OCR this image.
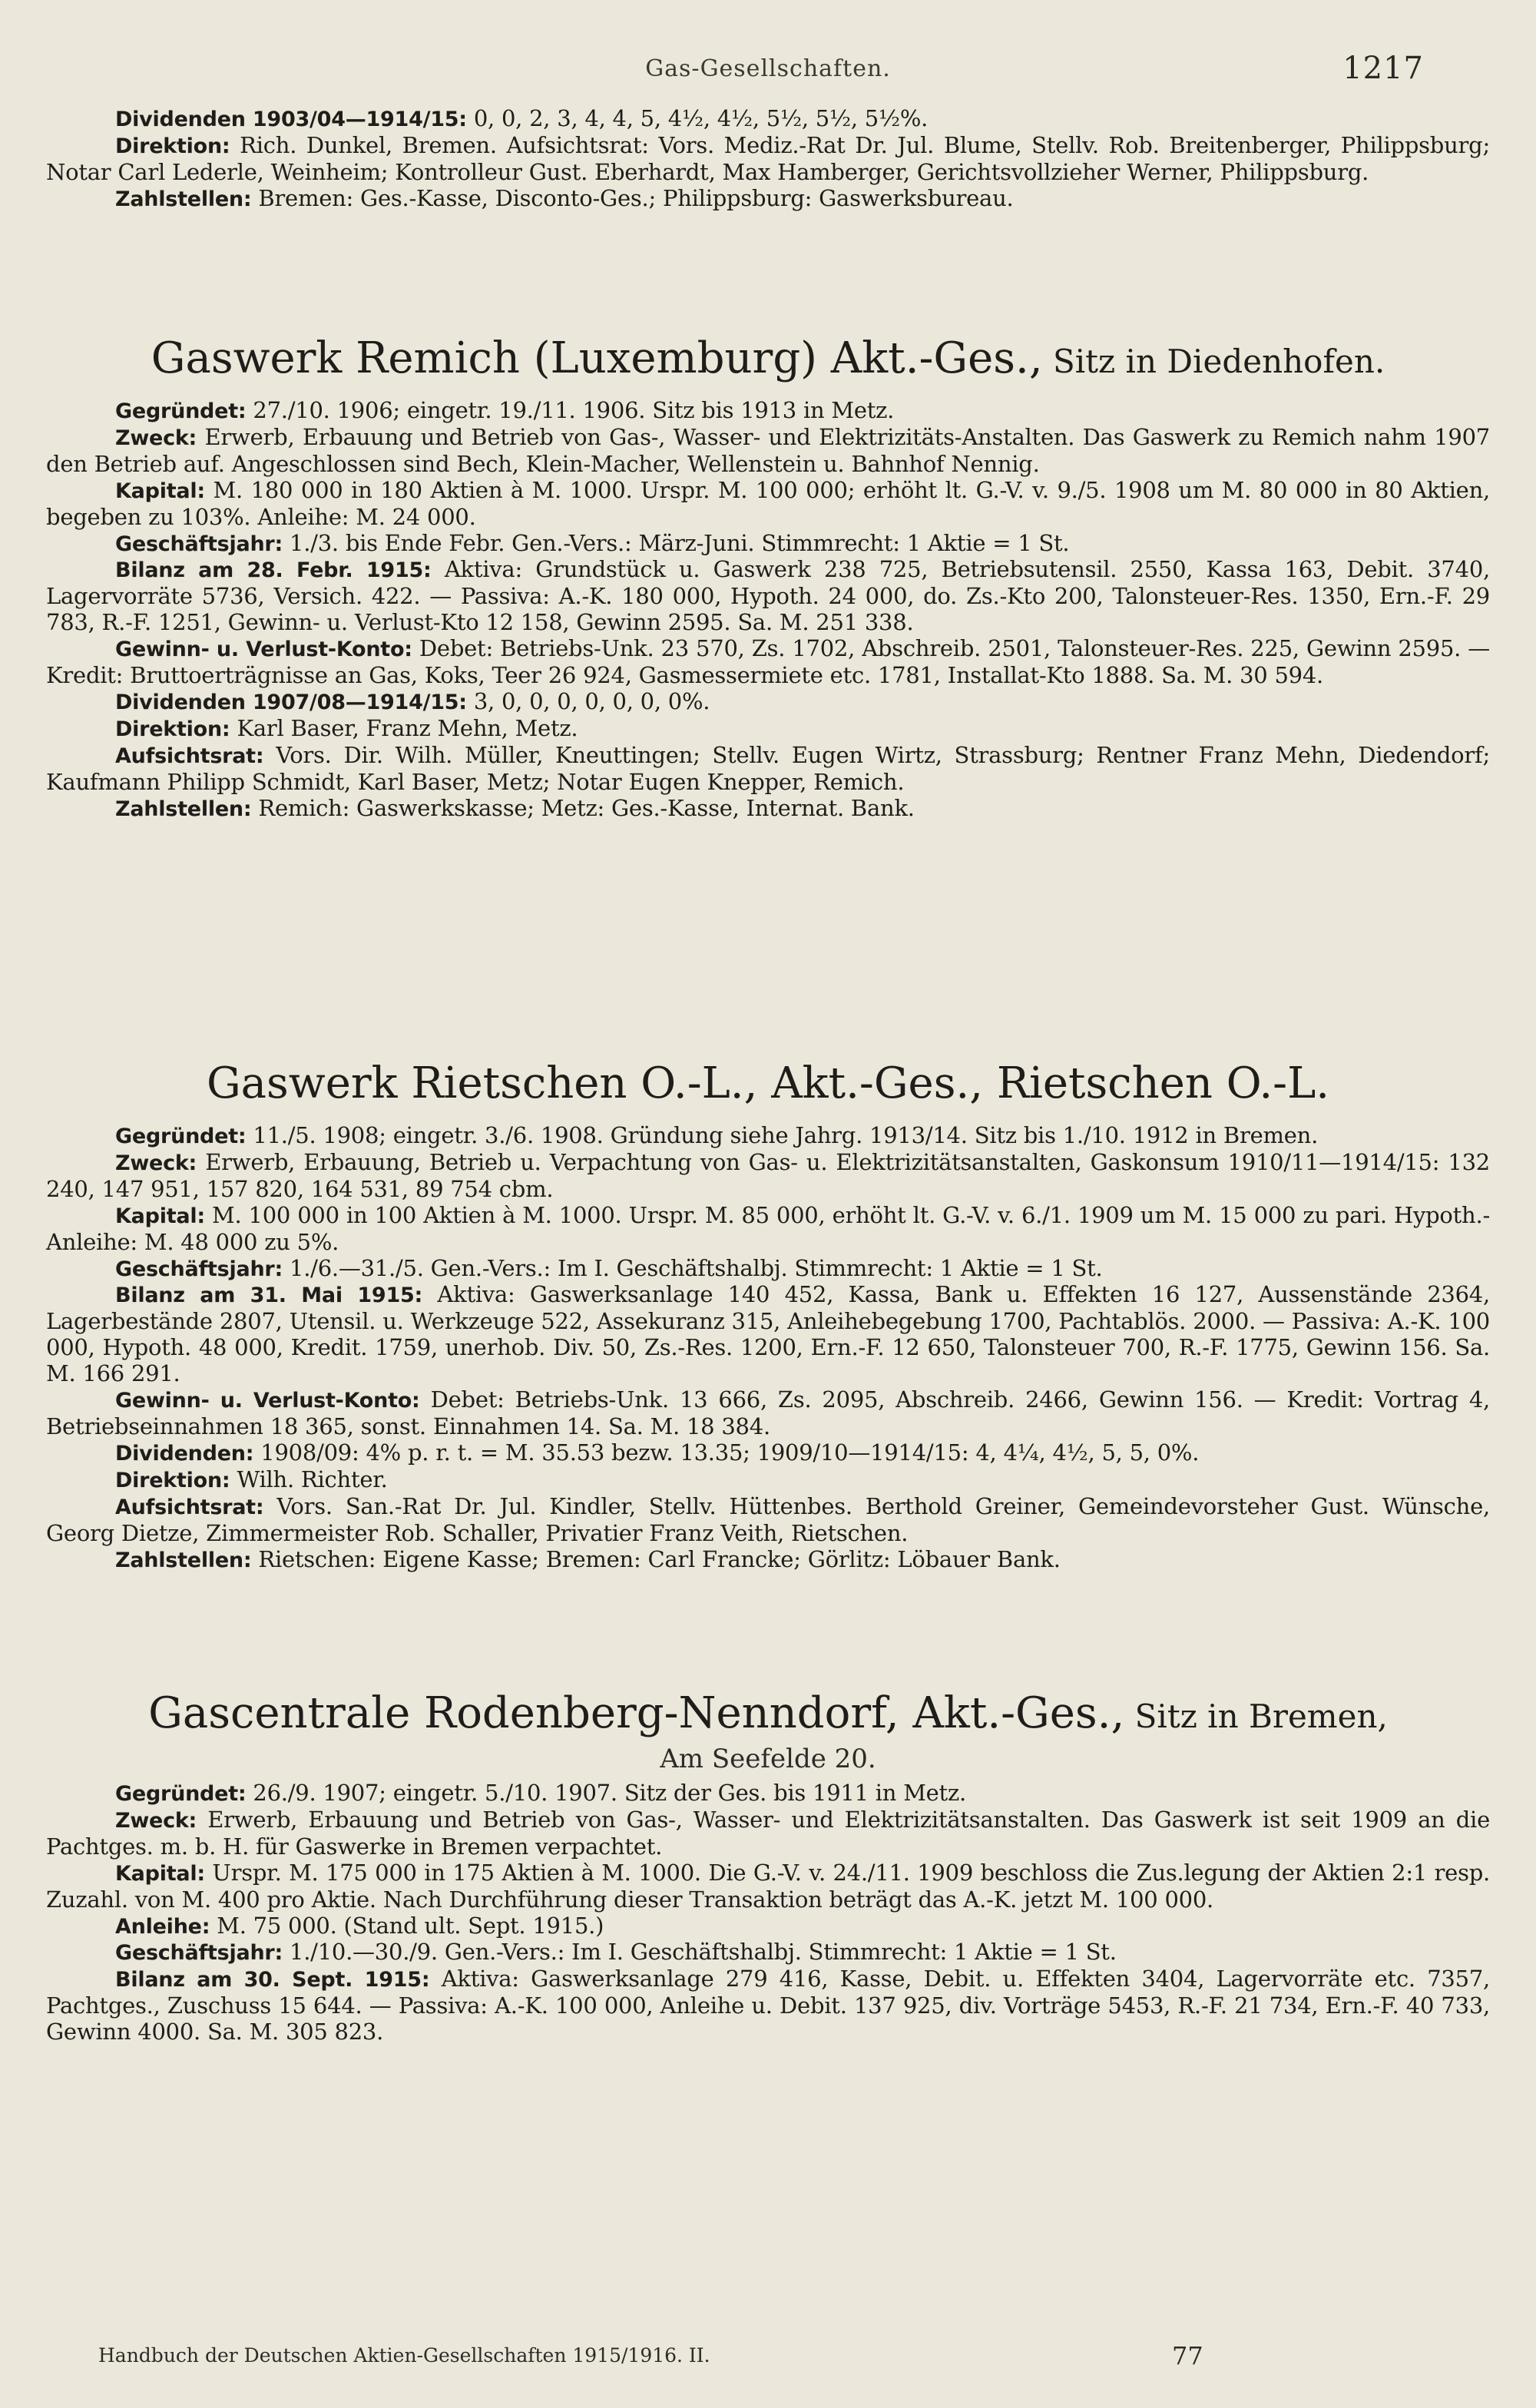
Gas-Gesellschaften.	1217

Dividenden 1903/04—1914/15: 0, 0, 2, 3, 4, 4, 5, 4½, 4½, 5½, 5½, 5½%.

Direktion: Rich. Dunkel, Bremen. Aufsichtsrat: Vors. Mediz.-Rat Dr. Jul. Blume, Stellv. Rob. Breitenberger, Philippsburg; Notar Carl Lederle, Weinheim; Kontrolleur Gust. Eberhardt, Max Hamberger, Gerichtsvollzieher Werner, Philippsburg.

Zahlstellen: Bremen: Ges.-Kasse, Disconto-Ges.; Philippsburg: Gaswerksbureau.

Gaswerk Remich (Luxemburg) Akt.-Ges., Sitz in Diedenhofen.

Gegründet: 27./10. 1906; eingetr. 19./11. 1906. Sitz bis 1913 in Metz.

Zweck: Erwerb, Erbauung und Betrieb von Gas-, Wasser- und Elektrizitäts-Anstalten. Das Gaswerk zu Remich nahm 1907 den Betrieb auf. Angeschlossen sind Bech, Klein-Macher, Wellenstein u. Bahnhof Nennig.

Kapital: M. 180 000 in 180 Aktien à M. 1000. Urspr. M. 100 000; erhöht lt. G.-V. v. 9./5. 1908 um M. 80 000 in 80 Aktien, begeben zu 103%. Anleihe: M. 24 000.

Geschäftsjahr: 1./3. bis Ende Febr. Gen.-Vers.: März-Juni. Stimmrecht: 1 Aktie = 1 St.

Bilanz am 28. Febr. 1915: Aktiva: Grundstück u. Gaswerk 238 725, Betriebsutensil. 2550, Kassa 163, Debit. 3740, Lagervorräte 5736, Versich. 422. — Passiva: A.-K. 180 000, Hypoth. 24 000, do. Zs.-Kto 200, Talonsteuer-Res. 1350, Ern.-F. 29 783, R.-F. 1251, Gewinn- u. Verlust-Kto 12 158, Gewinn 2595. Sa. M. 251 338.

Gewinn- u. Verlust-Konto: Debet: Betriebs-Unk. 23 570, Zs. 1702, Abschreib. 2501, Talonsteuer-Res. 225, Gewinn 2595. — Kredit: Bruttoerträgnisse an Gas, Koks, Teer 26 924, Gasmessermiete etc. 1781, Installat-Kto 1888. Sa. M. 30 594.

Dividenden 1907/08—1914/15: 3, 0, 0, 0, 0, 0, 0, 0%.

Direktion: Karl Baser, Franz Mehn, Metz.

Aufsichtsrat: Vors. Dir. Wilh. Müller, Kneuttingen; Stellv. Eugen Wirtz, Strassburg; Rentner Franz Mehn, Diedendorf; Kaufmann Philipp Schmidt, Karl Baser, Metz; Notar Eugen Knepper, Remich.

Zahlstellen: Remich: Gaswerkskasse; Metz: Ges.-Kasse, Internat. Bank.

Gaswerk Rietschen O.-L., Akt.-Ges., Rietschen O.-L.

Gegründet: 11./5. 1908; eingetr. 3./6. 1908. Gründung siehe Jahrg. 1913/14. Sitz bis 1./10. 1912 in Bremen.

Zweck: Erwerb, Erbauung, Betrieb u. Verpachtung von Gas- u. Elektrizitätsanstalten, Gaskonsum 1910/11—1914/15: 132 240, 147 951, 157 820, 164 531, 89 754 cbm.

Kapital: M. 100 000 in 100 Aktien à M. 1000. Urspr. M. 85 000, erhöht lt. G.-V. v. 6./1. 1909 um M. 15 000 zu pari. Hypoth.-Anleihe: M. 48 000 zu 5%.

Geschäftsjahr: 1./6.—31./5. Gen.-Vers.: Im I. Geschäftshalbj. Stimmrecht: 1 Aktie = 1 St.

Bilanz am 31. Mai 1915: Aktiva: Gaswerksanlage 140 452, Kassa, Bank u. Effekten 16 127, Aussenstände 2364, Lagerbestände 2807, Utensil. u. Werkzeuge 522, Assekuranz 315, Anleihebegebung 1700, Pachtablös. 2000. — Passiva: A.-K. 100 000, Hypoth. 48 000, Kredit. 1759, unerhob. Div. 50, Zs.-Res. 1200, Ern.-F. 12 650, Talonsteuer 700, R.-F. 1775, Gewinn 156. Sa. M. 166 291.

Gewinn- u. Verlust-Konto: Debet: Betriebs-Unk. 13 666, Zs. 2095, Abschreib. 2466, Gewinn 156. — Kredit: Vortrag 4, Betriebseinnahmen 18 365, sonst. Einnahmen 14. Sa. M. 18 384.

Dividenden: 1908/09: 4% p. r. t. = M. 35.53 bezw. 13.35; 1909/10—1914/15: 4, 4¼, 4½, 5, 5, 0%.

Direktion: Wilh. Richter.

Aufsichtsrat: Vors. San.-Rat Dr. Jul. Kindler, Stellv. Hüttenbes. Berthold Greiner, Gemeindevorsteher Gust. Wünsche, Georg Dietze, Zimmermeister Rob. Schaller, Privatier Franz Veith, Rietschen.

Zahlstellen: Rietschen: Eigene Kasse; Bremen: Carl Francke; Görlitz: Löbauer Bank.

Gascentrale Rodenberg-Nenndorf, Akt.-Ges., Sitz in Bremen,
Am Seefelde 20.

Gegründet: 26./9. 1907; eingetr. 5./10. 1907. Sitz der Ges. bis 1911 in Metz.

Zweck: Erwerb, Erbauung und Betrieb von Gas-, Wasser- und Elektrizitätsanstalten. Das Gaswerk ist seit 1909 an die Pachtges. m. b. H. für Gaswerke in Bremen verpachtet.

Kapital: Urspr. M. 175 000 in 175 Aktien à M. 1000. Die G.-V. v. 24./11. 1909 beschloss die Zus.legung der Aktien 2:1 resp. Zuzahl. von M. 400 pro Aktie. Nach Durchführung dieser Transaktion beträgt das A.-K. jetzt M. 100 000.

Anleihe: M. 75 000. (Stand ult. Sept. 1915.)

Geschäftsjahr: 1./10.—30./9. Gen.-Vers.: Im I. Geschäftshalbj. Stimmrecht: 1 Aktie = 1 St.

Bilanz am 30. Sept. 1915: Aktiva: Gaswerksanlage 279 416, Kasse, Debit. u. Effekten 3404, Lagervorräte etc. 7357, Pachtges., Zuschuss 15 644. — Passiva: A.-K. 100 000, Anleihe u. Debit. 137 925, div. Vorträge 5453, R.-F. 21 734, Ern.-F. 40 733, Gewinn 4000. Sa. M. 305 823.

Handbuch der Deutschen Aktien-Gesellschaften 1915/1916. II.	77
